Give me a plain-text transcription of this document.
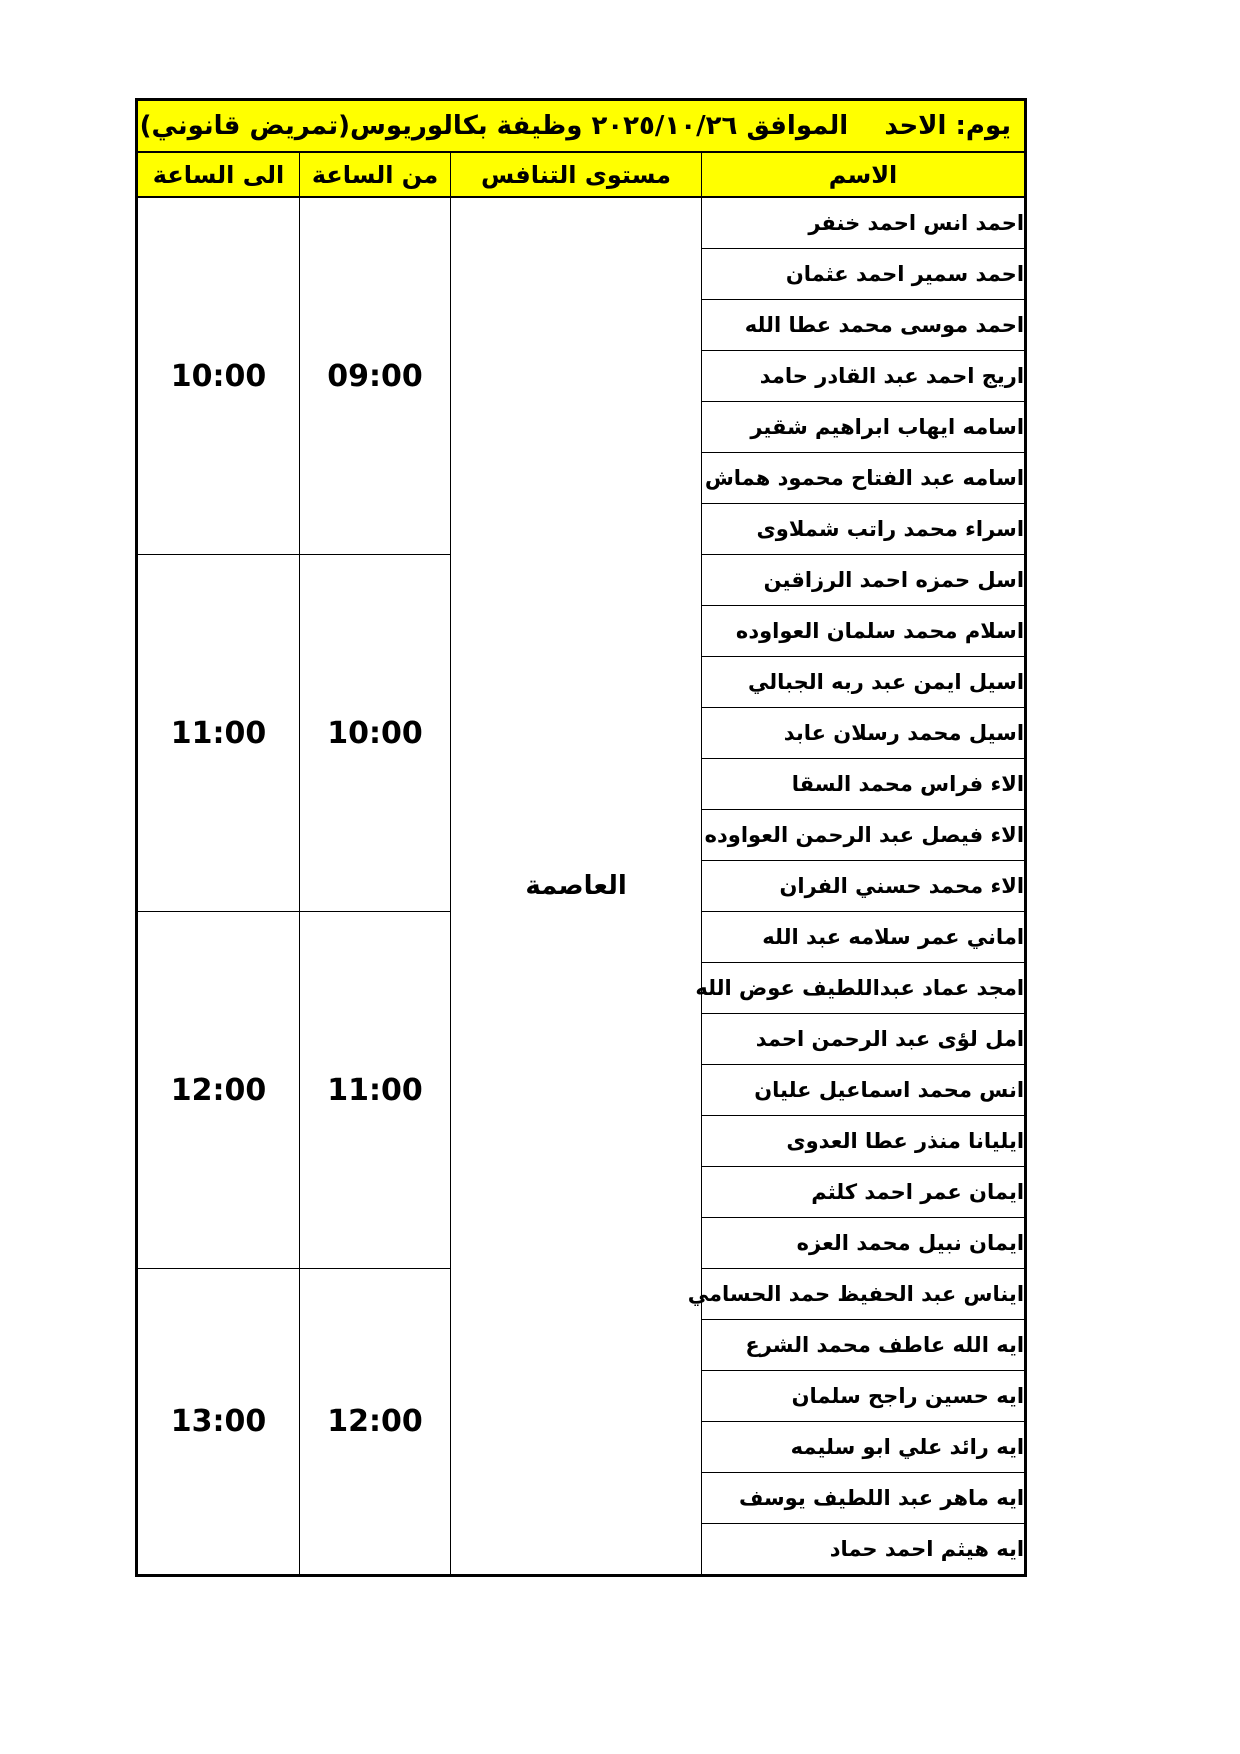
يوم: الاحد    الموافق ٢٠٢٥/١٠/٢٦ وظيفة بكالوريوس(تمريض قانوني)			
الاسم	مستوى التنافس	من الساعة	الى الساعة

احمد انس احمد خنفر	العاصمة	09:00	10:00

احمد سمير احمد عثمان			

احمد موسى محمد عطا الله			

اريج احمد عبد القادر حامد			

اسامه ايهاب ابراهيم شقير			

اسامه عبد الفتاح محمود هماش			

اسراء محمد راتب شملاوى			

اسل حمزه احمد الرزاقين		10:00	11:00

اسلام محمد سلمان العواوده			

اسيل ايمن عبد ربه الجبالي			

اسيل محمد رسلان عابد			

الاء فراس محمد السقا			

الاء فيصل عبد الرحمن العواوده			

الاء محمد حسني الفران			

اماني عمر سلامه عبد الله		11:00	12:00

امجد عماد عبداللطيف عوض الله			

امل لؤى عبد الرحمن احمد			

انس محمد اسماعيل عليان			

ايليانا منذر عطا العدوى			

ايمان عمر احمد كلثم			

ايمان نبيل محمد العزه			

ايناس عبد الحفيظ حمد الحسامي		12:00	13:00

ايه الله عاطف محمد الشرع			

ايه حسين راجح سلمان			

ايه رائد علي ابو سليمه			

ايه ماهر عبد اللطيف يوسف			

ايه هيثم احمد حماد			
